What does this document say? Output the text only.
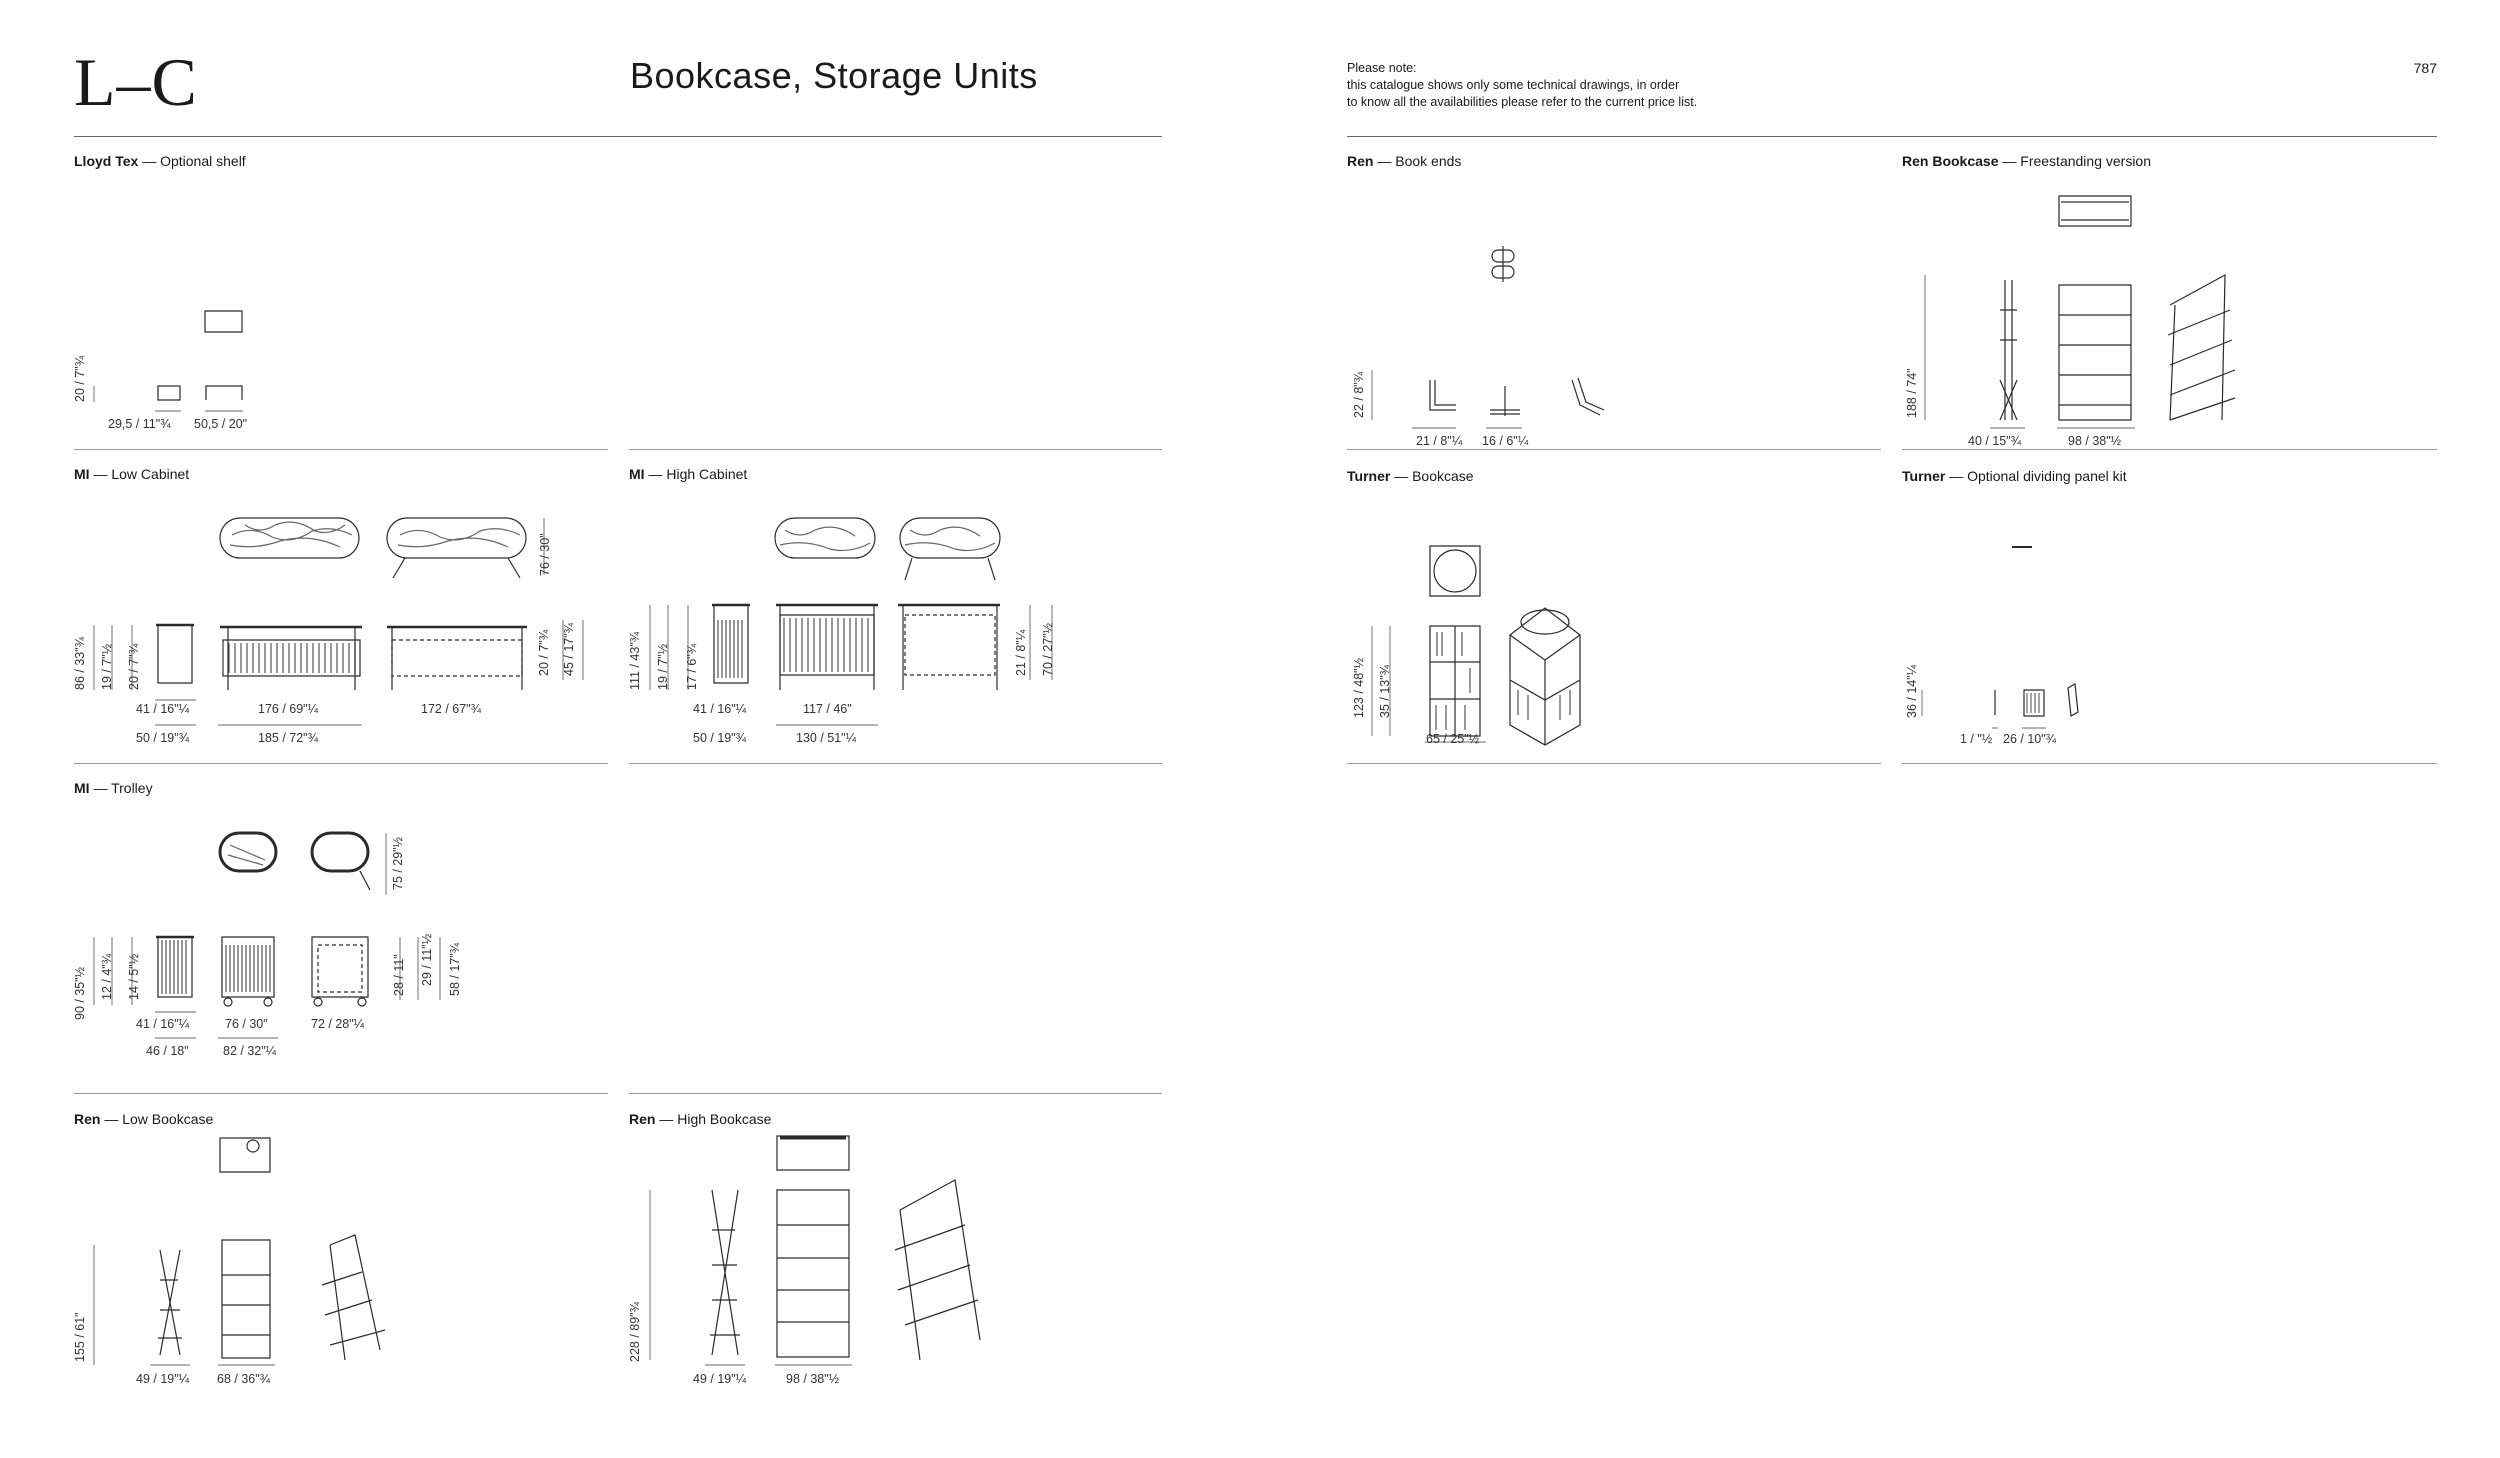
L–C	Bookcase, Storage Units	Please note:
this catalogue shows only some technical drawings, in order
to know all the availabilities please refer to the current price list.
787
Lloyd Tex — Optional shelf
MI — Low Cabinet	MI — High Cabinet
MI — Trolley
Ren — Low Bookcase	Ren — High Bookcase
Ren — Book ends	Ren Bookcase — Freestanding version
Turner — Bookcase	Turner — Optional dividing panel kit
29,5 / 11"¾ 50,5 / 20"
20 / 7"¾
41 / 16"¼	176 / 69"¼	172 / 67"¾
50 / 19"¾	185 / 72"¾
86 / 33"¾ 19 / 7"½ 20 / 7"¾
76 / 30"
20 / 7"¾ 45 / 17"¾
41 / 16"¼	117 / 46"
50 / 19"¾	130 / 51"¼
111 / 43"¾ 19 / 7"½ 17 / 6"¾	21 / 8"¼ 70 / 27"½
41 / 16"¼	76 / 30"	72 / 28"¼
46 / 18"	82 / 32"¼
90 / 35"½ 12 / 4"¾ 14 / 5"½
75 / 29"½
28 / 11" 29 / 11"½ 58 / 17"¾
49 / 19"¼ 68 / 36"¾
155 / 61"
49 / 19"¼	98 / 38"½
228 / 89"¾
21 / 8"¼ 16 / 6"¼
22 / 8"¾
40 / 15"¾	98 / 38"½
188 / 74"
65 / 25"½
123 / 48"½ 35 / 13"¾
1 / "½ 26 / 10"¾
36 / 14"¼
